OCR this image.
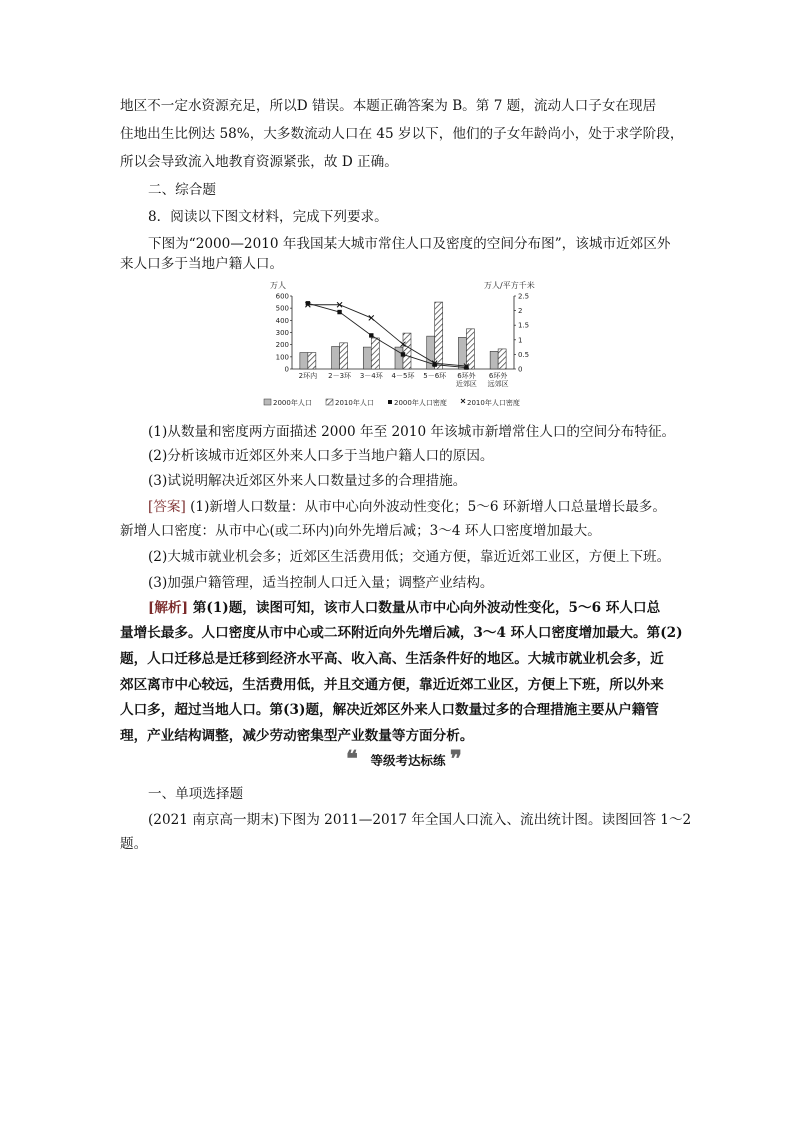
地区不一定水资源充足，所以D 错误。本题正确答案为 B。第 7 题，流动人口子女在现居
住地出生比例达 58%，大多数流动人口在 45 岁以下，他们的子女年龄尚小，处于求学阶段，
所以会导致流入地教育资源紧张，故 D 正确。
二、综合题
8．阅读以下图文材料，完成下列要求。
下图为“2000—2010 年我国某大城市常住人口及密度的空间分布图”，该城市近郊区外
来人口多于当地户籍人口。
万人	万人/平方千米
0
100
200
300
400
500
600
0
0.5
1
1.5
2
2.5
2环内 2－3环 3－4环 4－5环 5－6环 6环外
近郊区
6环外
远郊区
2000年人口	2010年人口	2000年人口密度	2010年人口密度
(1)从数量和密度两方面描述 2000 年至 2010 年该城市新增常住人口的空间分布特征。
(2)分析该城市近郊区外来人口多于当地户籍人口的原因。
(3)试说明解决近郊区外来人口数量过多的合理措施。
[答案] (1)新增人口数量：从市中心向外波动性变化；5～6 环新增人口总量增长最多。
新增人口密度：从市中心(或二环内)向外先增后减；3～4 环人口密度增加最大。
(2)大城市就业机会多；近郊区生活费用低；交通方便，靠近近郊工业区，方便上下班。
(3)加强户籍管理，适当控制人口迁入量；调整产业结构。
[解析] 第(1)题，读图可知，该市人口数量从市中心向外波动性变化，5～6 环人口总
量增长最多。人口密度从市中心或二环附近向外先增后减，3～4 环人口密度增加最大。第(2)
题，人口迁移总是迁移到经济水平高、收入高、生活条件好的地区。大城市就业机会多，近
郊区离市中心较远，生活费用低，并且交通方便，靠近近郊工业区，方便上下班，所以外来
人口多，超过当地人口。第(3)题，解决近郊区外来人口数量过多的合理措施主要从户籍管
理，产业结构调整，减少劳动密集型产业数量等方面分析。
❝ 等级考达标练 ❞
一、单项选择题
(2021 南京高一期末)下图为 2011—2017 年全国人口流入、流出统计图。读图回答 1～2
题。
